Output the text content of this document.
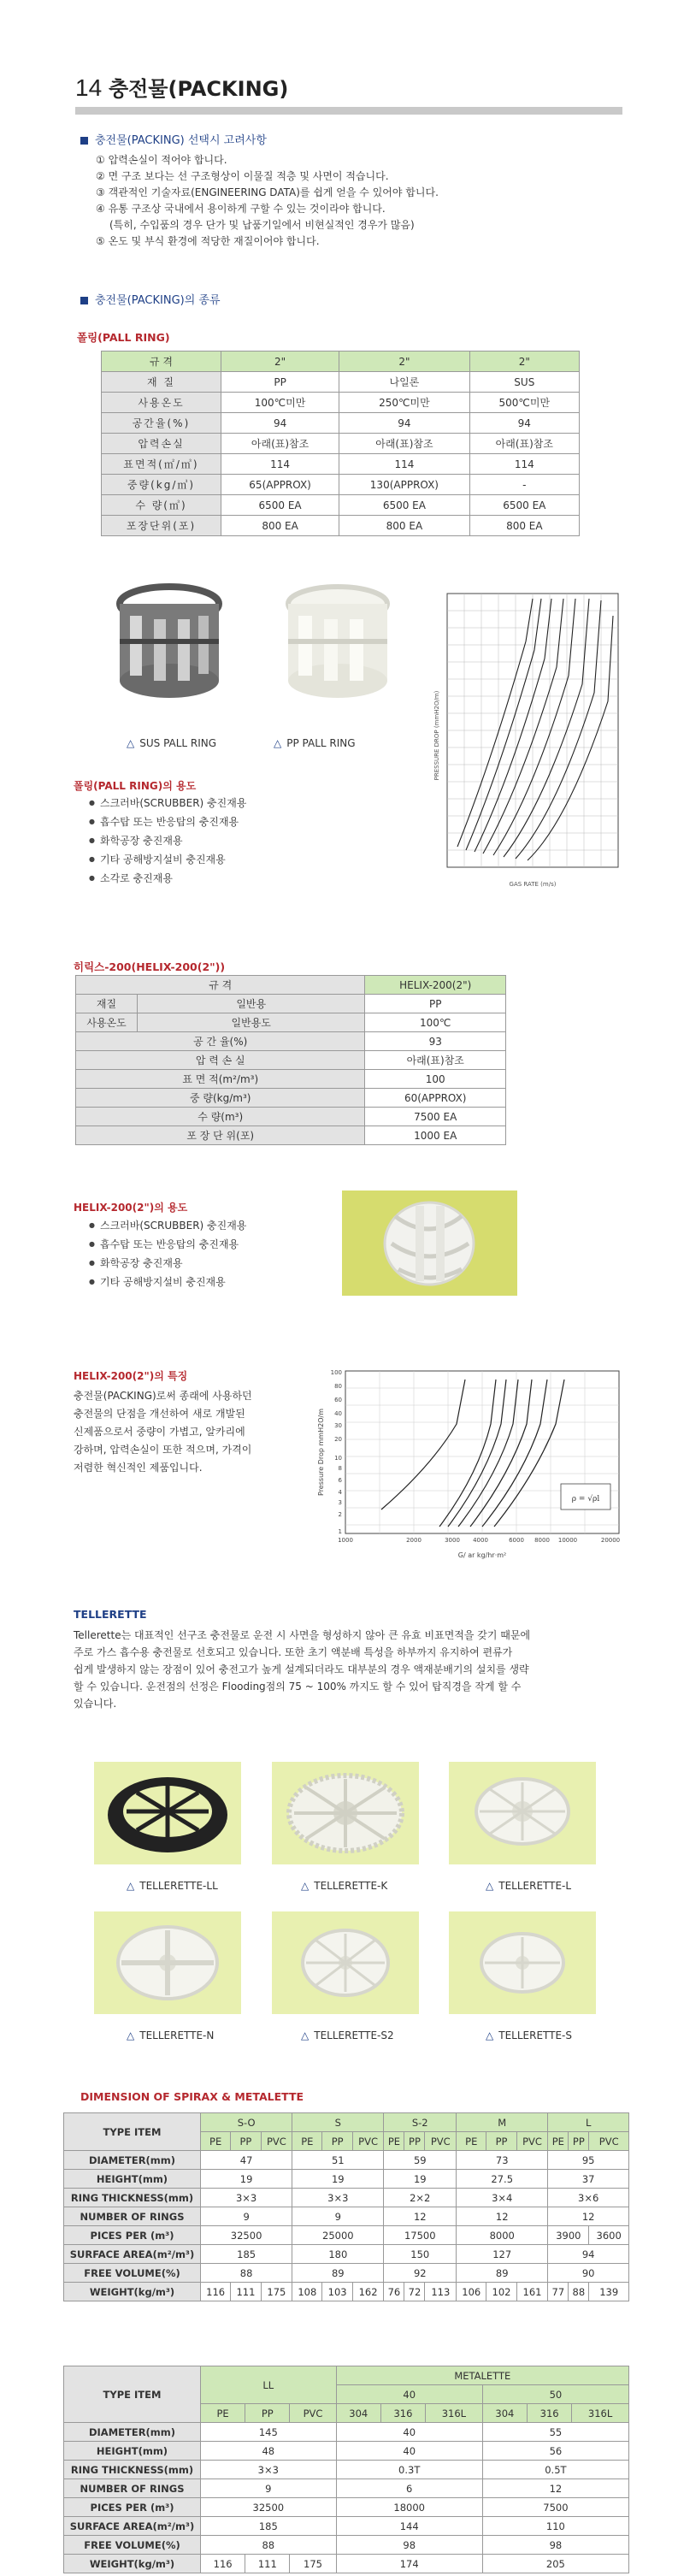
14 충전물(PACKING)
충전물(PACKING) 선택시 고려사항
① 압력손실이 적어야 합니다.
② 면 구조 보다는 선 구조형상이 이물질 적층 및 사면이 적습니다.
③ 객관적인 기술자료(ENGINEERING DATA)를 쉽게 얻을 수 있어야 합니다.
④ 유통 구조상 국내에서 용이하게 구할 수 있는 것이라야 합니다.
(특히, 수입품의 경우 단가 및 납품기일에서 비현실적인 경우가 많음)
⑤ 온도 및 부식 환경에 적당한 재질이어야 합니다.
충전물(PACKING)의 종류
폴링(PALL RING)
규 격	2"	2"	2"
재 질	PP	나일론	SUS
사용온도	100℃미만	250℃미만	500℃미만
공간율(%)	94	94	94
압력손실	아래(표)참조	아래(표)참조	아래(표)참조
표면적(㎡/㎥)	114	114	114
중량(kg/㎥)	65(APPROX)	130(APPROX)	-
수 량(㎥)	6500 EA	6500 EA	6500 EA
포장단위(포)	800 EA	800 EA	800 EA
△ SUS PALL RING	△ PP PALL RING	PRESSURE DROP (mmH2O/m)
GAS RATE (m/s)
폴링(PALL RING)의 용도
● 스크러바(SCRUBBER) 충진재용
● 흡수탑 또는 반응탑의 충진재용
● 화학공장 충진재용
● 기타 공해방지설비 충진재용
● 소각로 충진재용
히릭스-200(HELIX-200(2"))
규 격		HELIX-200(2")
재질	일반용	PP
사용온도	일반용도	100℃
공 간 율(%)		93
압 력 손 실		아래(표)참조
표 면 적(m²/m³)		100
중 량(kg/m³)		60(APPROX)
수 량(m³)		7500 EA
포 장 단 위(포)		1000 EA
HELIX-200(2")의 용도
● 스크러바(SCRUBBER) 충진재용
● 흡수탑 또는 반응탑의 충진재용
● 화학공장 충진재용
● 기타 공해방지설비 충진재용
HELIX-200(2")의 특징
충전물(PACKING)로써 종래에 사용하던
충전물의 단점을 개선하여 새로 개발된
신제품으로서 중량이 가볍고, 알카리에
강하며, 압력손실이 또한 적으며, 가격이
저렴한 혁신적인 제품입니다.
ρ = √ρl
Pressure Drop mmH2O/m
G/ ar kg/hr·m²
1000	2000	3000 4000	6000 8000 10000	20000
100
80
60
40
30
20
10
8
6
4
3
2
1
TELLERETTE
Tellerette는 대표적인 선구조 충전물로 운전 시 사면을 형성하지 않아 큰 유효 비표면적을 갖기 때문에
주로 가스 흡수용 충전물로 선호되고 있습니다. 또한 초기 액분배 특성을 하부까지 유지하여 편류가
쉽게 발생하지 않는 장점이 있어 충전고가 높게 설계되더라도 대부분의 경우 액재분배기의 설치를 생략
할 수 있습니다. 운전점의 선정은 Flooding점의 75 ~ 100% 까지도 할 수 있어 탑직경을 작게 할 수
있습니다.
△ TELLERETTE-LL	△ TELLERETTE-K	△ TELLERETTE-L
△ TELLERETTE-N	△ TELLERETTE-S2	△ TELLERETTE-S
DIMENSION OF SPIRAX & METALETTE
TYPE ITEM	S-O			S			S-2			M			L		
	PE	PP	PVC	PE	PP	PVC	PE	PP	PVC	PE	PP	PVC	PE	PP	PVC
DIAMETER(mm)	47			51			59			73			95		
HEIGHT(mm)	19			19			19			27.5			37		
RING THICKNESS(mm)	3×3			3×3			2×2			3×4			3×6		
NUMBER OF RINGS	9			9			12			12			12		
PICES PER (m³)	32500			25000			17500			8000			3900		3600
SURFACE AREA(m²/m³)	185			180			150			127			94		
FREE VOLUME(%)	88			89			92			89			90		
WEIGHT(kg/m³)	116	111	175	108	103	162	76	72	113	106	102	161	77	88	139
TYPE ITEM	LL			METALETTE					
				40			50		
	PE	PP	PVC	304	316	316L	304	316	316L
DIAMETER(mm)	145			40			55		
HEIGHT(mm)	48			40			56		
RING THICKNESS(mm)	3×3			0.3T			0.5T		
NUMBER OF RINGS	9			6			12		
PICES PER (m³)	32500			18000			7500		
SURFACE AREA(m²/m³)	185			144			110		
FREE VOLUME(%)	88			98			98		
WEIGHT(kg/m³)	116	111	175	174			205		
